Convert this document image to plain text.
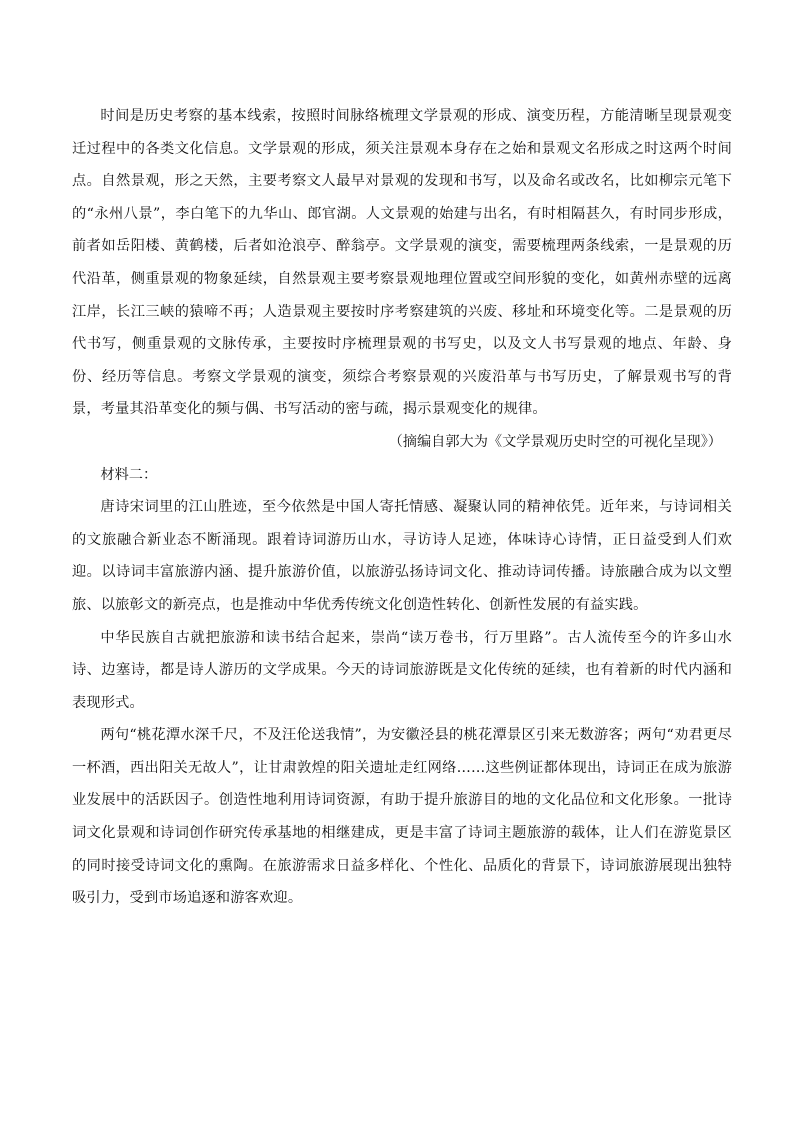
时间是历史考察的基本线索，按照时间脉络梳理文学景观的形成、演变历程，方能清晰呈现景观变迁过程中的各类文化信息。文学景观的形成，须关注景观本身存在之始和景观文名形成之时这两个时间点。自然景观，形之天然，主要考察文人最早对景观的发现和书写，以及命名或改名，比如柳宗元笔下的“永州八景”，李白笔下的九华山、郎官湖。人文景观的始建与出名，有时相隔甚久，有时同步形成，前者如岳阳楼、黄鹤楼，后者如沧浪亭、醉翁亭。文学景观的演变，需要梳理两条线索，一是景观的历代沿革，侧重景观的物象延续，自然景观主要考察景观地理位置或空间形貌的变化，如黄州赤壁的远离江岸，长江三峡的猿啼不再；人造景观主要按时序考察建筑的兴废、移址和环境变化等。二是景观的历代书写，侧重景观的文脉传承，主要按时序梳理景观的书写史，以及文人书写景观的地点、年龄、身份、经历等信息。考察文学景观的演变，须综合考察景观的兴废沿革与书写历史，了解景观书写的背景，考量其沿革变化的频与偶、书写活动的密与疏，揭示景观变化的规律。

（摘编自郭大为《文学景观历史时空的可视化呈现》）

材料二：

唐诗宋词里的江山胜迹，至今依然是中国人寄托情感、凝聚认同的精神依凭。近年来，与诗词相关的文旅融合新业态不断涌现。跟着诗词游历山水，寻访诗人足迹，体味诗心诗情，正日益受到人们欢迎。以诗词丰富旅游内涵、提升旅游价值，以旅游弘扬诗词文化、推动诗词传播。诗旅融合成为以文塑旅、以旅彰文的新亮点，也是推动中华优秀传统文化创造性转化、创新性发展的有益实践。

中华民族自古就把旅游和读书结合起来，崇尚“读万卷书，行万里路”。古人流传至今的许多山水诗、边塞诗，都是诗人游历的文学成果。今天的诗词旅游既是文化传统的延续，也有着新的时代内涵和表现形式。

两句“桃花潭水深千尺，不及汪伦送我情”，为安徽泾县的桃花潭景区引来无数游客；两句“劝君更尽一杯酒，西出阳关无故人”，让甘肃敦煌的阳关遗址走红网络……这些例证都体现出，诗词正在成为旅游业发展中的活跃因子。创造性地利用诗词资源，有助于提升旅游目的地的文化品位和文化形象。一批诗词文化景观和诗词创作研究传承基地的相继建成，更是丰富了诗词主题旅游的载体，让人们在游览景区的同时接受诗词文化的熏陶。在旅游需求日益多样化、个性化、品质化的背景下，诗词旅游展现出独特吸引力，受到市场追逐和游客欢迎。
